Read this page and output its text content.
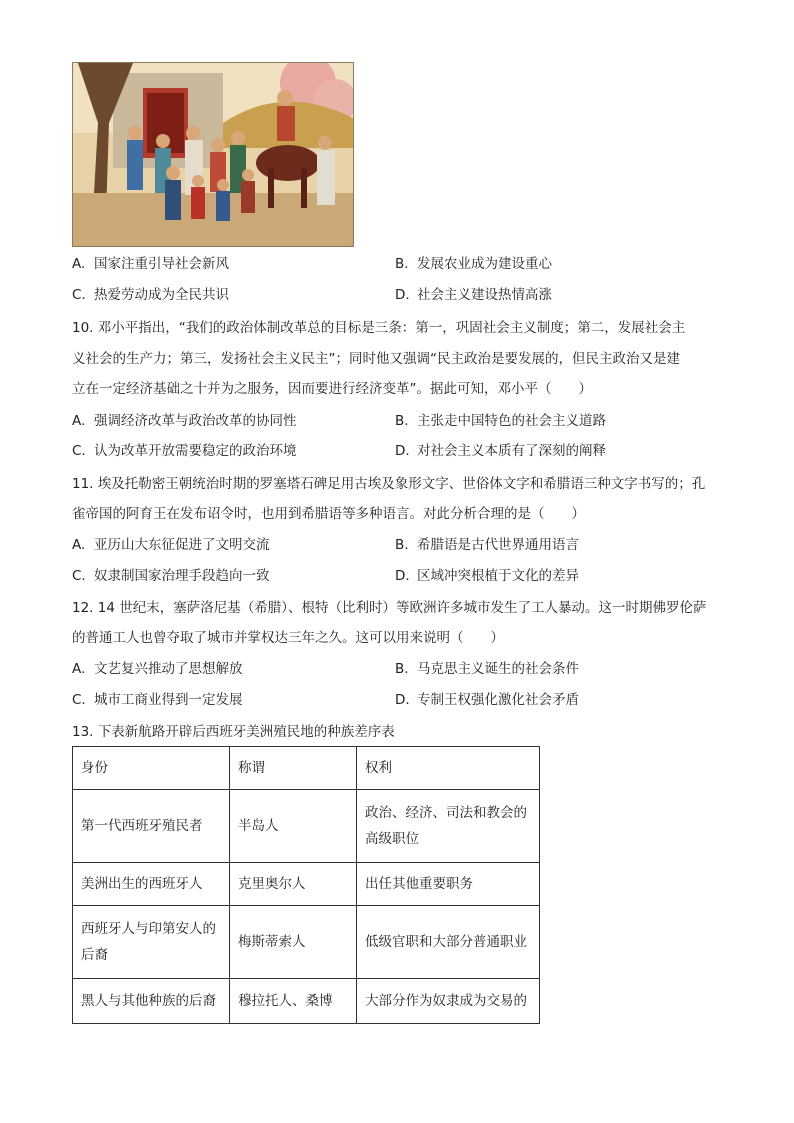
A. 国家注重引导社会新风	B. 发展农业成为建设重心
C. 热爱劳动成为全民共识	D. 社会主义建设热情高涨
10. 邓小平指出，“我们的政治体制改革总的目标是三条：第一，巩固社会主义制度；第二，发展社会主
义社会的生产力；第三，发扬社会主义民主”；同时他又强调“民主政治是要发展的，但民主政治又是建
立在一定经济基础之十并为之服务，因而要进行经济变革”。据此可知，邓小平（　　）
A. 强调经济改革与政治改革的协同性	B. 主张走中国特色的社会主义道路
C. 认为改革开放需要稳定的政治环境	D. 对社会主义本质有了深刻的阐释
11. 埃及托勒密王朝统治时期的罗塞塔石碑足用古埃及象形文字、世俗体文字和希腊语三种文字书写的；孔
雀帝国的阿育王在发布诏令时，也用到希腊语等多种语言。对此分析合理的是（　　）
A. 亚历山大东征促进了文明交流	B. 希腊语是古代世界通用语言
C. 奴隶制国家治理手段趋向一致	D. 区域冲突根植于文化的差异
12. 14 世纪末，塞萨洛尼基（希腊）、根特（比利时）等欧洲许多城市发生了工人暴动。这一时期佛罗伦萨
的普通工人也曾夺取了城市并掌权达三年之久。这可以用来说明（　　）
A. 文艺复兴推动了思想解放	B. 马克思主义诞生的社会条件
C. 城市工商业得到一定发展	D. 专制王权强化激化社会矛盾
13. 下表新航路开辟后西班牙美洲殖民地的种族差序表
身份	称谓	权利
第一代西班牙殖民者	半岛人	政治、经济、司法和教会的
高级职位

美洲出生的西班牙人	克里奥尔人	出任其他重要职务

西班牙人与印第安人的
后裔	梅斯蒂索人	低级官职和大部分普通职业
黑人与其他种族的后裔	穆拉托人、桑博	大部分作为奴隶成为交易的
